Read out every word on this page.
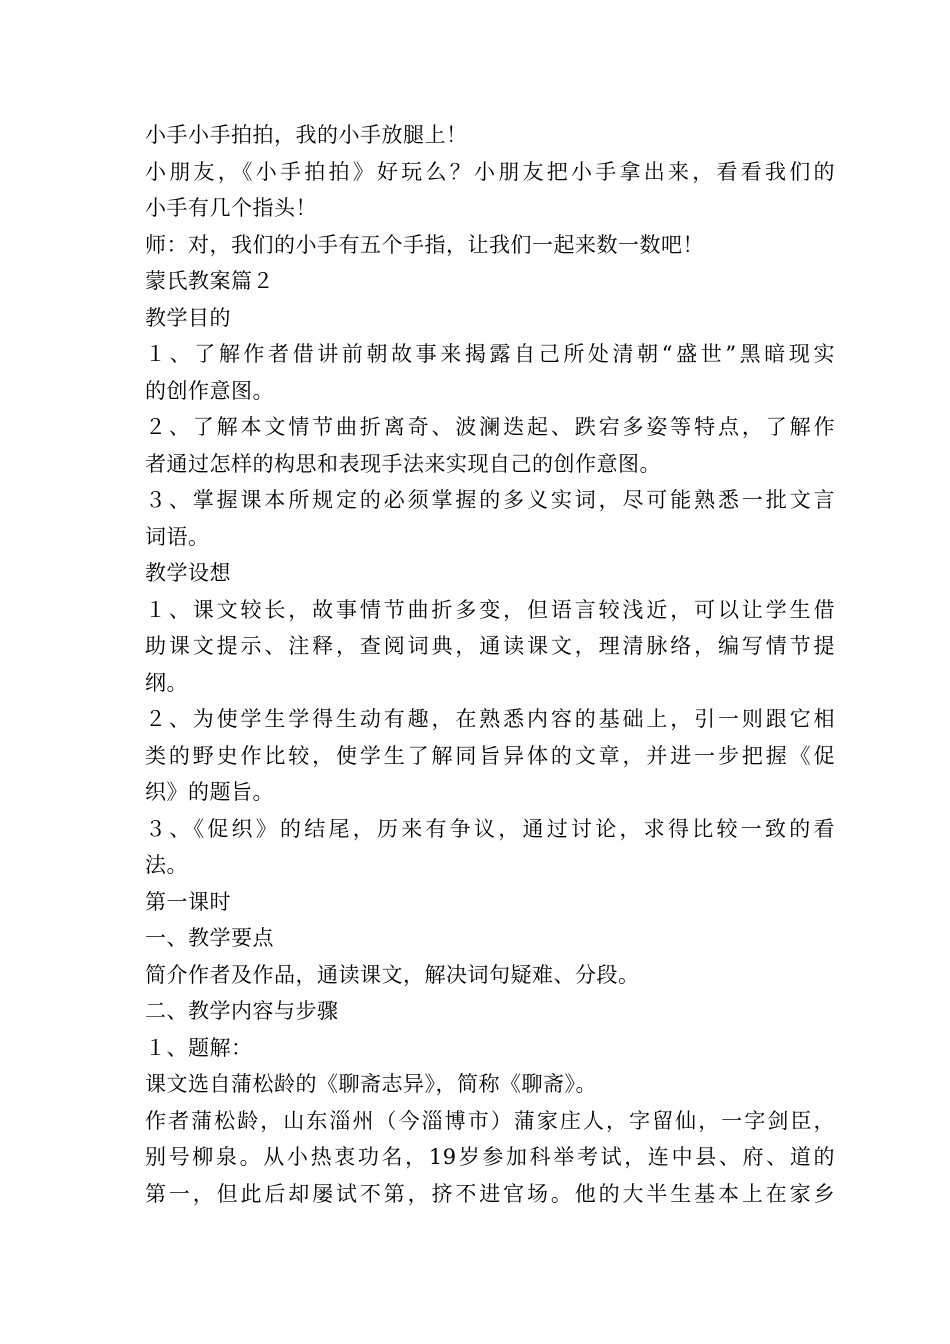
小手小手拍拍，我的小手放腿上！
小朋友，《小手拍拍》好玩么？小朋友把小手拿出来，看看我们的
小手有几个指头！
师：对，我们的小手有五个手指，让我们一起来数一数吧！
蒙氏教案篇２
教学目的
１、了解作者借讲前朝故事来揭露自己所处清朝“盛世”黑暗现实
的创作意图。
２、了解本文情节曲折离奇、波澜迭起、跌宕多姿等特点，了解作
者通过怎样的构思和表现手法来实现自己的创作意图。
３、掌握课本所规定的必须掌握的多义实词，尽可能熟悉一批文言
词语。
教学设想
１、课文较长，故事情节曲折多变，但语言较浅近，可以让学生借
助课文提示、注释，查阅词典，通读课文，理清脉络，编写情节提
纲。
２、为使学生学得生动有趣，在熟悉内容的基础上，引一则跟它相
类的野史作比较，使学生了解同旨异体的文章，并进一步把握《促
织》的题旨。
３、《促织》的结尾，历来有争议，通过讨论，求得比较一致的看
法。
第一课时
一、教学要点
简介作者及作品，通读课文，解决词句疑难、分段。
二、教学内容与步骤
１、题解：
课文选自蒲松龄的《聊斋志异》，简称《聊斋》。
作者蒲松龄，山东淄州（今淄博市）蒲家庄人，字留仙，一字剑臣，
别号柳泉。从小热衷功名，19岁参加科举考试，连中县、府、道的
第一，但此后却屡试不第，挤不进官场。他的大半生基本上在家乡
